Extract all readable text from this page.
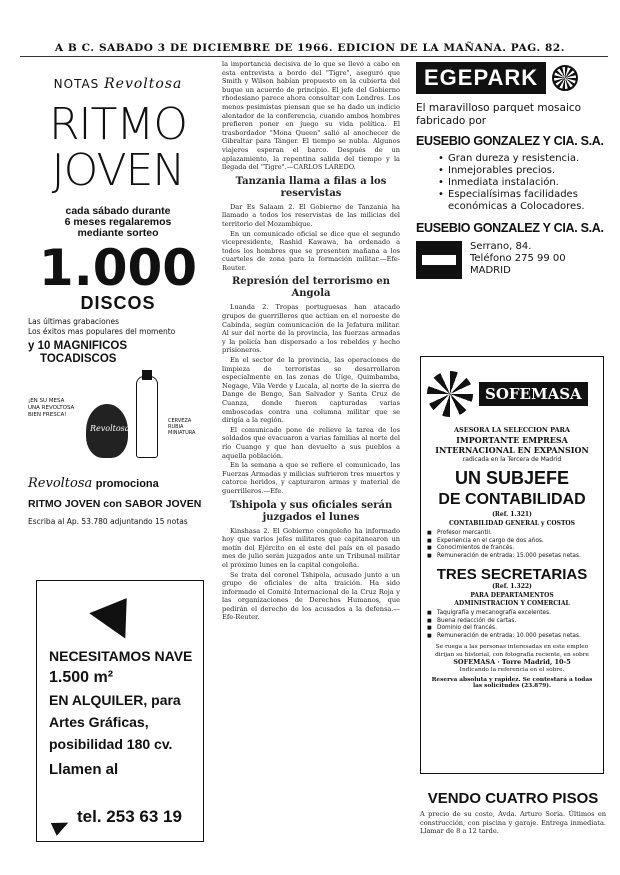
A B C. SABADO 3 DE DICIEMBRE DE 1966. EDICION DE LA MAÑANA. PAG. 82.
NOTAS Revoltosa
RITMO
JOVEN
cada sábado durante
6 meses regalaremos
mediante sorteo
1.000
DISCOS
Las últimas grabaciones
Los éxitos mas populares del momento
y 10 MAGNIFICOS
TOCADISCOS
¡EN SU MESA UNA REVOLTOSA BIEN FRESCA!
Revoltosa
CERVEZA RUBIA MINIATURA
Revoltosa promociona
RITMO JOVEN con SABOR JOVEN
Escriba al Ap. 53.780 adjuntando 15 notas
NECESITAMOS NAVE
1.500 m²
EN ALQUILER, para
Artes Gráficas,
posibilidad 180 cv.
Llamen al
tel. 253 63 19

la importancia decisiva de lo que se llevó a cabo en esta entrevista a bordo del "Tigre", aseguró que Smith y Wilson habían propuesto en la cubierta del buque un acuerdo de principio. El jefe del Gobierno rhodesiano parece ahora consultar con Londres. Los menos pesimistas piensan que se ha dado un indicio alentador de la conferencia, cuando ambos hombres prefieren poner en juego su vida política. El trasbordador "Mona Queen" salió al anochecer de Gibraltar para Tánger. El tiempo se nubla. Algunos viajeros esperan el barco. Después de un aplazamiento, la repentina salida del tiempo y la llegada del "Tigre".—CARLOS LAREDO.

Tanzania llama a filas a los reservistas

Dar Es Salaam 2. El Gobierno de Tanzania ha llamado a todos los reservistas de las milicias del territorio del Mozambique.

En un comunicado oficial se dice que el segundo vicepresidente, Rashid Kawawa, ha ordenado a todos los hombres que se presenten mañana a los cuarteles de zona para la formación militar.—Efe-Reuter.

Represión del terrorismo en Angola

Luanda 2. Tropas portuguesas han atacado grupos de guerrilleros que actúan en el noroeste de Cabinda, según comunicación de la Jefatura militar. Al sur del norte de la provincia, las fuerzas armadas y la policía han dispersado a los rebeldes y hecho prisioneros.

En el sector de la provincia, las operaciones de limpieza de terroristas se desarrollaron especialmente en las zonas de Uíge, Quimbamba, Negage, Vila Verde y Lucala, al norte de la sierra de Dange de Bengo, San Salvador y Santa Cruz de Cuanza, donde fueron capturadas varias emboscadas contra una columna militar que se dirigía a la región.

El comunicado pone de relieve la tarea de los soldados que evacuaron a varias familias al norte del río Cuango y que han devuelto a sus pueblos a aquella población.

En la semana a que se refiere el comunicado, las Fuerzas Armadas y milicias sufrieron tres muertos y catorce heridos, y capturaron armas y material de guerrilleros.—Efe.

Tshipola y sus oficiales serán juzgados el lunes

Kinshasa 2. El Gobierno congoleño ha informado hoy que varios jefes militares que capitanearon un motín del Ejército en el este del país en el pasado mes de julio serán juzgados ante un Tribunal militar el próximo lunes en la capital congoleña.

Se trata del coronel Tshipola, acusado junto a un grupo de oficiales de alta traición. Ha sido informado el Comité Internacional de la Cruz Roja y las organizaciones de Derechos Humanos, que pedirán el derecho de los acusados a la defensa.—Efe-Reuter.

EGEPARK
El maravilloso parquet mosaico
fabricado por
EUSEBIO GONZALEZ Y CIA. S.A.
• Gran dureza y resistencia.
• Inmejorables precios.
• Inmediata instalación.
• Especialísimas facilidades económicas a Colocadores.
EUSEBIO GONZALEZ Y CIA. S.A.
Serrano, 84.
Teléfono 275 99 00
MADRID
SOFEMASA
ASESORA LA SELECCION PARA
IMPORTANTE EMPRESA
INTERNACIONAL EN EXPANSION
radicada en la Tercera de Madrid
UN SUBJEFE
DE CONTABILIDAD
(Ref. 1.321)
CONTABILIDAD GENERAL y COSTOS
■ Profesor mercantil.
■ Experiencia en el cargo de dos años.
■ Conocimientos de francés.
■ Remuneración de entrada: 15.000 pesetas netas.
TRES SECRETARIAS
(Ref. 1.322)
PARA DEPARTAMENTOS
ADMINISTRACION Y COMERCIAL
■ Taquigrafía y mecanografía excelentes.
■ Buena redacción de cartas.
■ Dominio del francés.
■ Remuneración de entrada: 10.000 pesetas netas.
Se ruega a las personas interesadas en este empleo dirijan su historial, con fotografía reciente, en sobre
SOFEMASA · Torre Madrid, 10-5
Indicando la referencia en el sobre.
Reserva absoluta y rapidez. Se contestará a todas las solicitudes (23.879).
VENDO CUATRO PISOS
A precio de su costo, Avda. Arturo Soria. Últimos en construcción, con piscina y garaje. Entrega inmediata. Llamar de 8 a 12 tarde.
